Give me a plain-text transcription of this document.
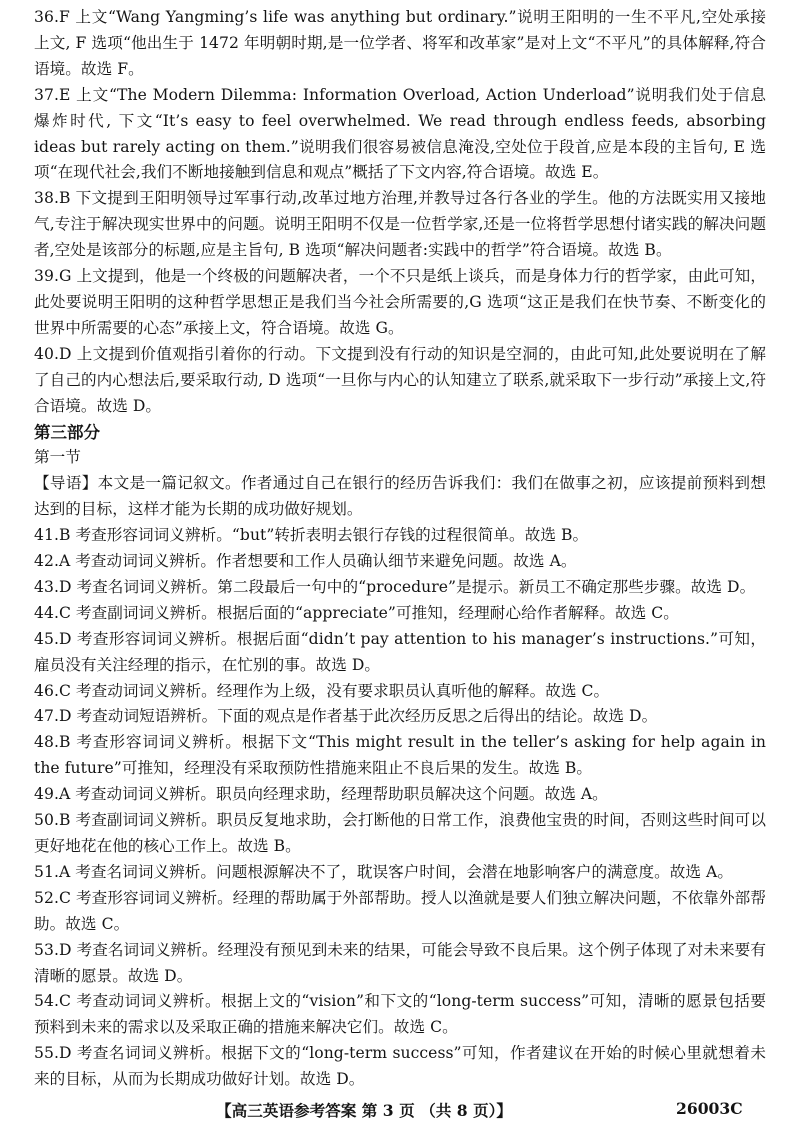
36.F 上文“Wang Yangming’s life was anything but ordinary.”说明王阳明的一生不平凡,空处承接上文, F 选项“他出生于 1472 年明朝时期,是一位学者、将军和改革家”是对上文“不平凡”的具体解释,符合语境。故选 F。

37.E 上文“The Modern Dilemma: Information Overload, Action Underload”说明我们处于信息爆炸时代, 下文“It’s easy to feel overwhelmed. We read through endless feeds, absorbing ideas but rarely acting on them.”说明我们很容易被信息淹没,空处位于段首,应是本段的主旨句, E 选项“在现代社会,我们不断地接触到信息和观点”概括了下文内容,符合语境。故选 E。

38.B 下文提到王阳明领导过军事行动,改革过地方治理,并教导过各行各业的学生。他的方法既实用又接地气,专注于解决现实世界中的问题。说明王阳明不仅是一位哲学家,还是一位将哲学思想付诸实践的解决问题者,空处是该部分的标题,应是主旨句, B 选项“解决问题者:实践中的哲学”符合语境。故选 B。

39.G 上文提到，他是一个终极的问题解决者，一个不只是纸上谈兵，而是身体力行的哲学家，由此可知，此处要说明王阳明的这种哲学思想正是我们当今社会所需要的,G 选项“这正是我们在快节奏、不断变化的世界中所需要的心态”承接上文，符合语境。故选 G。

40.D 上文提到价值观指引着你的行动。下文提到没有行动的知识是空洞的，由此可知,此处要说明在了解了自己的内心想法后,要采取行动, D 选项“一旦你与内心的认知建立了联系,就采取下一步行动”承接上文,符合语境。故选 D。

第三部分

第一节

【导语】本文是一篇记叙文。作者通过自己在银行的经历告诉我们：我们在做事之初，应该提前预料到想达到的目标，这样才能为长期的成功做好规划。

41.B 考查形容词词义辨析。“but”转折表明去银行存钱的过程很简单。故选 B。

42.A 考查动词词义辨析。作者想要和工作人员确认细节来避免问题。故选 A。

43.D 考查名词词义辨析。第二段最后一句中的“procedure”是提示。新员工不确定那些步骤。故选 D。

44.C 考查副词词义辨析。根据后面的“appreciate”可推知，经理耐心给作者解释。故选 C。

45.D 考查形容词词义辨析。根据后面“didn’t pay attention to his manager’s instructions.”可知，雇员没有关注经理的指示，在忙别的事。故选 D。

46.C 考查动词词义辨析。经理作为上级，没有要求职员认真听他的解释。故选 C。

47.D 考查动词短语辨析。下面的观点是作者基于此次经历反思之后得出的结论。故选 D。

48.B 考查形容词词义辨析。根据下文“This might result in the teller’s asking for help again in the future”可推知，经理没有采取预防性措施来阻止不良后果的发生。故选 B。

49.A 考查动词词义辨析。职员向经理求助，经理帮助职员解决这个问题。故选 A。

50.B 考查副词词义辨析。职员反复地求助，会打断他的日常工作，浪费他宝贵的时间，否则这些时间可以更好地花在他的核心工作上。故选 B。

51.A 考查名词词义辨析。问题根源解决不了，耽误客户时间，会潜在地影响客户的满意度。故选 A。

52.C 考查形容词词义辨析。经理的帮助属于外部帮助。授人以渔就是要人们独立解决问题，不依靠外部帮助。故选 C。

53.D 考查名词词义辨析。经理没有预见到未来的结果，可能会导致不良后果。这个例子体现了对未来要有清晰的愿景。故选 D。

54.C 考查动词词义辨析。根据上文的“vision”和下文的“long-term success”可知，清晰的愿景包括要预料到未来的需求以及采取正确的措施来解决它们。故选 C。

55.D 考查名词词义辨析。根据下文的“long-term success”可知，作者建议在开始的时候心里就想着未来的目标，从而为长期成功做好计划。故选 D。

【高三英语参考答案 第 3 页 （共 8 页）】	26003C
